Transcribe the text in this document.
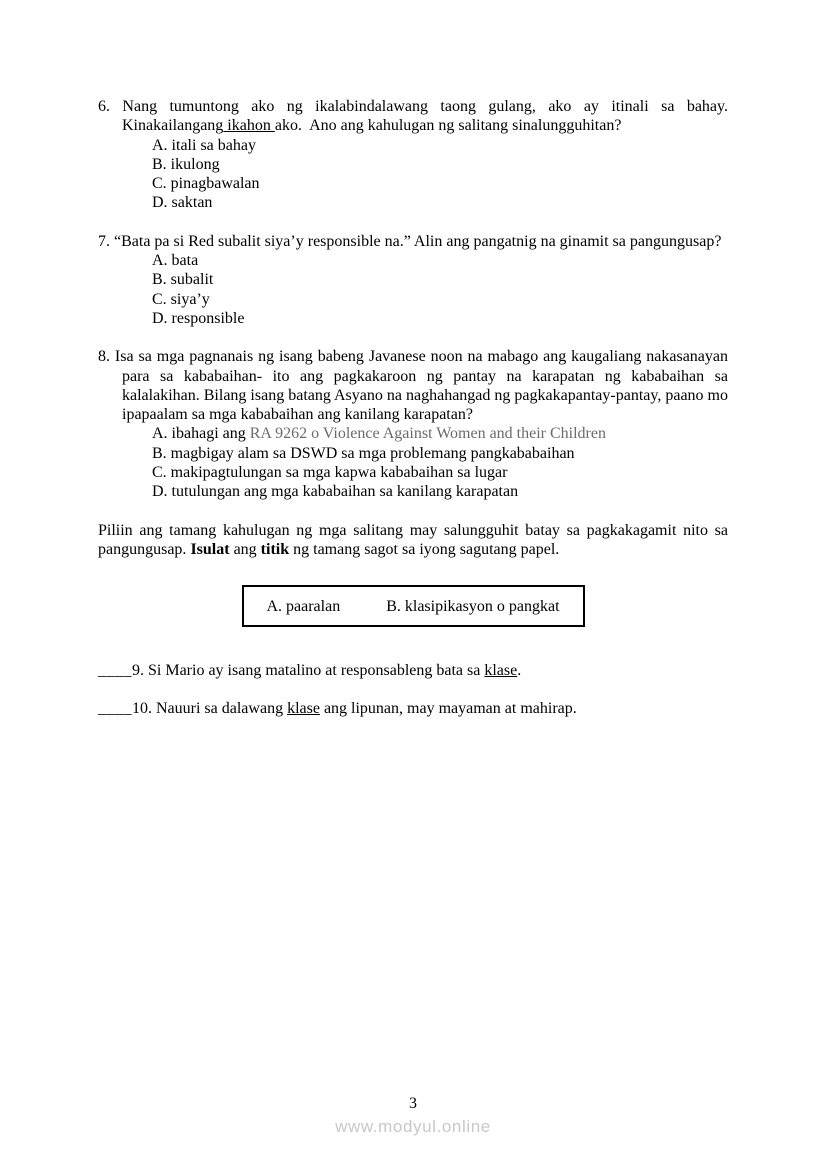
6. Nang tumuntong ako ng ikalabindalawang taong gulang, ako ay itinali sa bahay. Kinakailangang ikahon ako.  Ano ang kahulugan ng salitang sinalungguhitan?

A. itali sa bahay

B. ikulong

C. pinagbawalan

D. saktan

7. “Bata pa si Red subalit siya’y responsible na.” Alin ang pangatnig na ginamit sa pangungusap?

A. bata

B. subalit

C. siya’y

D. responsible

8. Isa sa mga pagnanais ng isang babeng Javanese noon na mabago ang kaugaliang nakasanayan para sa kababaihan- ito ang pagkakaroon ng pantay na karapatan ng kababaihan sa kalalakihan. Bilang isang batang Asyano na naghahangad ng pagkakapantay-pantay, paano mo ipapaalam sa mga kababaihan ang kanilang karapatan?

A. ibahagi ang RA 9262 o Violence Against Women and their Children

B. magbigay alam sa DSWD sa mga problemang pangkababaihan

C. makipagtulungan sa mga kapwa kababaihan sa lugar

D. tutulungan ang mga kababaihan sa kanilang karapatan

Piliin ang tamang kahulugan ng mga salitang may salungguhit batay sa pagkakagamit nito sa pangungusap. Isulat ang titik ng tamang sagot sa iyong sagutang papel.

A. paaralan	B. klasipikasyon o pangkat

____9. Si Mario ay isang matalino at responsableng bata sa klase.

____10. Nauuri sa dalawang klase ang lipunan, may mayaman at mahirap.

3
www.modyul.online
